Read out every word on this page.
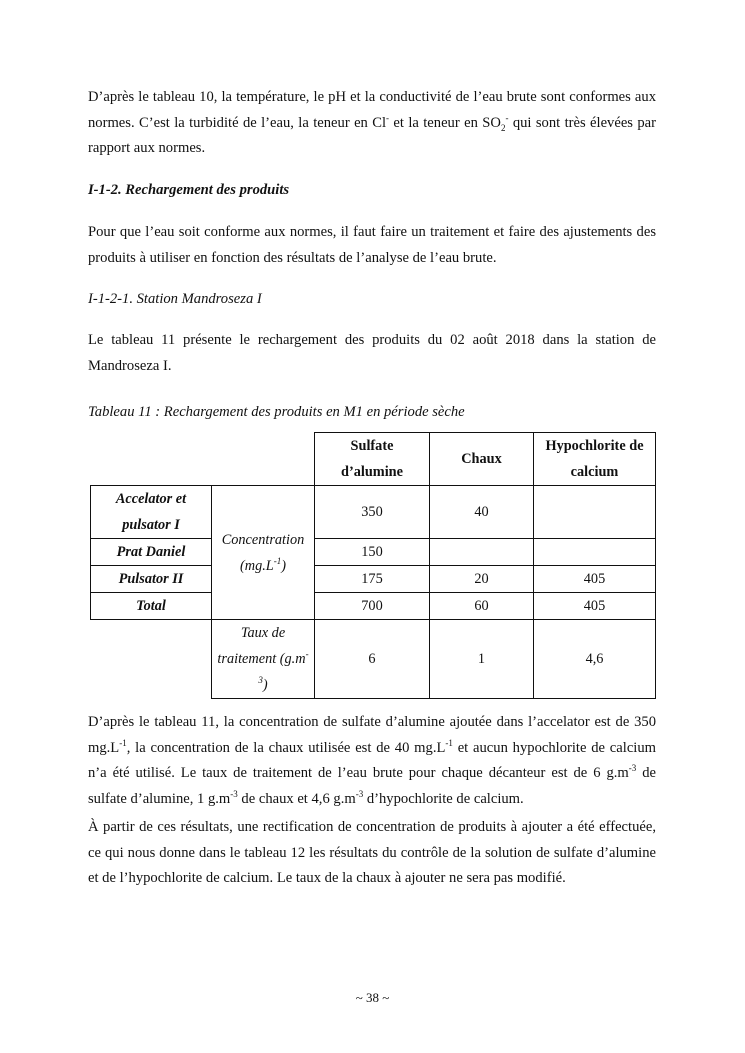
D’après le tableau 10, la température, le pH et la conductivité de l’eau brute sont conformes aux normes. C’est la turbidité de l’eau, la teneur en Cl- et la teneur en $SO_2^-$ qui sont très élevées par rapport aux normes.

I-1-2. Rechargement des produits

Pour que l’eau soit conforme aux normes, il faut faire un traitement et faire des ajustements des produits à utiliser en fonction des résultats de l’analyse de l’eau brute.

I-1-2-1. Station Mandroseza I

Le tableau 11 présente le rechargement des produits du 02 août 2018 dans la station de Mandroseza I.

Tableau 11 : Rechargement des produits en M1 en période sèche

		Sulfate d’alumine	Chaux	Hypochlorite de calcium
Accelator et pulsator I	Concentration $(mg.L^{-1})$	350	40	
Prat Daniel		150		
Pulsator II		175	20	405
Total		700	60	405
	Taux de traitement $(g.m^{-3})$	6	1	4,6

D’après le tableau 11, la concentration de sulfate d’alumine ajoutée dans l’accelator est de 350 $mg.L^{-1}$, la concentration de la chaux utilisée est de 40 $mg.L^{-1}$ et aucun hypochlorite de calcium n’a été utilisé. Le taux de traitement de l’eau brute pour chaque décanteur est de 6 $g.m^{-3}$ de sulfate d’alumine, 1 $g.m^{-3}$ de chaux et 4,6 $g.m^{-3}$ d’hypochlorite de calcium.

À partir de ces résultats, une rectification de concentration de produits à ajouter a été effectuée, ce qui nous donne dans le tableau 12 les résultats du contrôle de la solution de sulfate d’alumine et de l’hypochlorite de calcium. Le taux de la chaux à ajouter ne sera pas modifié.

~ 38 ~
